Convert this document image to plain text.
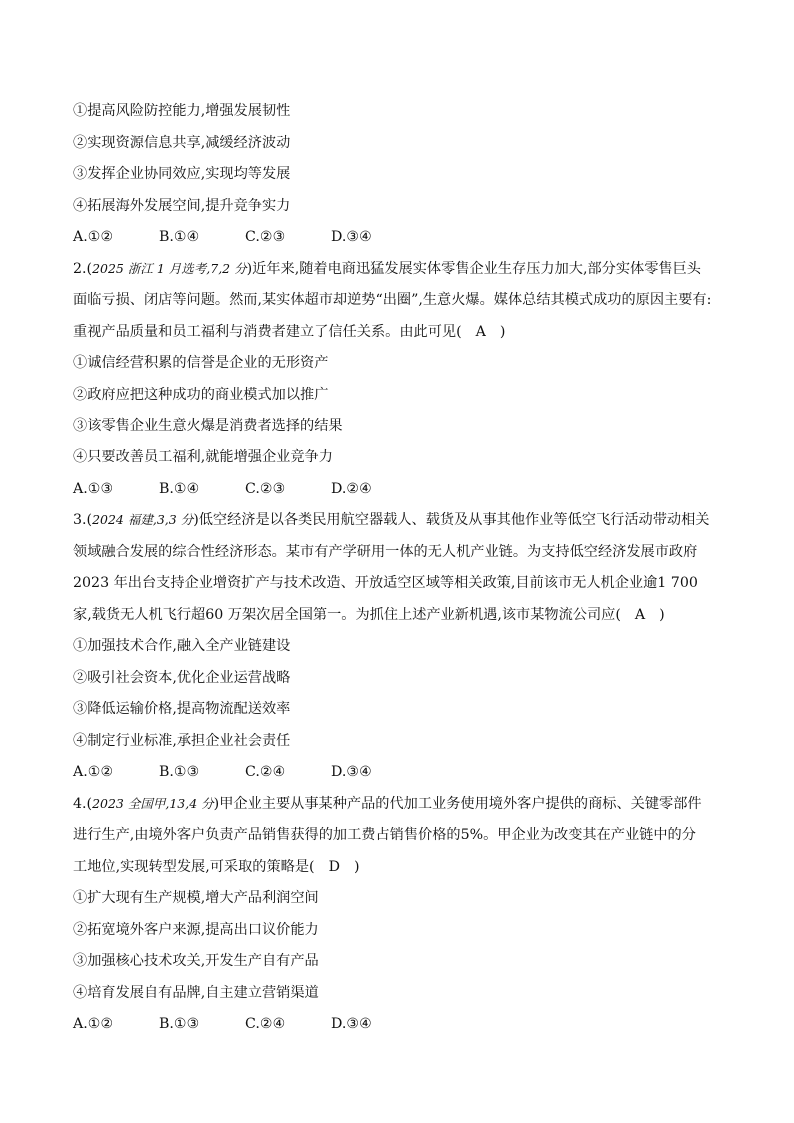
①提高风险防控能力,增强发展韧性
②实现资源信息共享,减缓经济波动
③发挥企业协同效应,实现均等发展
④拓展海外发展空间,提升竞争实力
A.①②	B.①④	C.②③	D.③④
2.(2025 浙江 1 月选考,7,2 分)近年来,随着电商迅猛发展实体零售企业生存压力加大,部分实体零售巨头
面临亏损、闭店等问题。然而,某实体超市却逆势“出圈”,生意火爆。媒体总结其模式成功的原因主要有:
重视产品质量和员工福利与消费者建立了信任关系。由此可见( A )
①诚信经营积累的信誉是企业的无形资产
②政府应把这种成功的商业模式加以推广
③该零售企业生意火爆是消费者选择的结果
④只要改善员工福利,就能增强企业竞争力
A.①③	B.①④	C.②③	D.②④
3.(2024 福建,3,3 分)低空经济是以各类民用航空器载人、载货及从事其他作业等低空飞行活动带动相关
领域融合发展的综合性经济形态。某市有产学研用一体的无人机产业链。为支持低空经济发展市政府
2023 年出台支持企业增资扩产与技术改造、开放适空区域等相关政策,目前该市无人机企业逾1 700
家,载货无人机飞行超60 万架次居全国第一。为抓住上述产业新机遇,该市某物流公司应( A )
①加强技术合作,融入全产业链建设
②吸引社会资本,优化企业运营战略
③降低运输价格,提高物流配送效率
④制定行业标准,承担企业社会责任
A.①②	B.①③	C.②④	D.③④
4.(2023 全国甲,13,4 分)甲企业主要从事某种产品的代加工业务使用境外客户提供的商标、关键零部件
进行生产,由境外客户负责产品销售获得的加工费占销售价格的5%。甲企业为改变其在产业链中的分
工地位,实现转型发展,可采取的策略是( D )
①扩大现有生产规模,增大产品利润空间
②拓宽境外客户来源,提高出口议价能力
③加强核心技术攻关,开发生产自有产品
④培育发展自有品牌,自主建立营销渠道
A.①②	B.①③	C.②④	D.③④
